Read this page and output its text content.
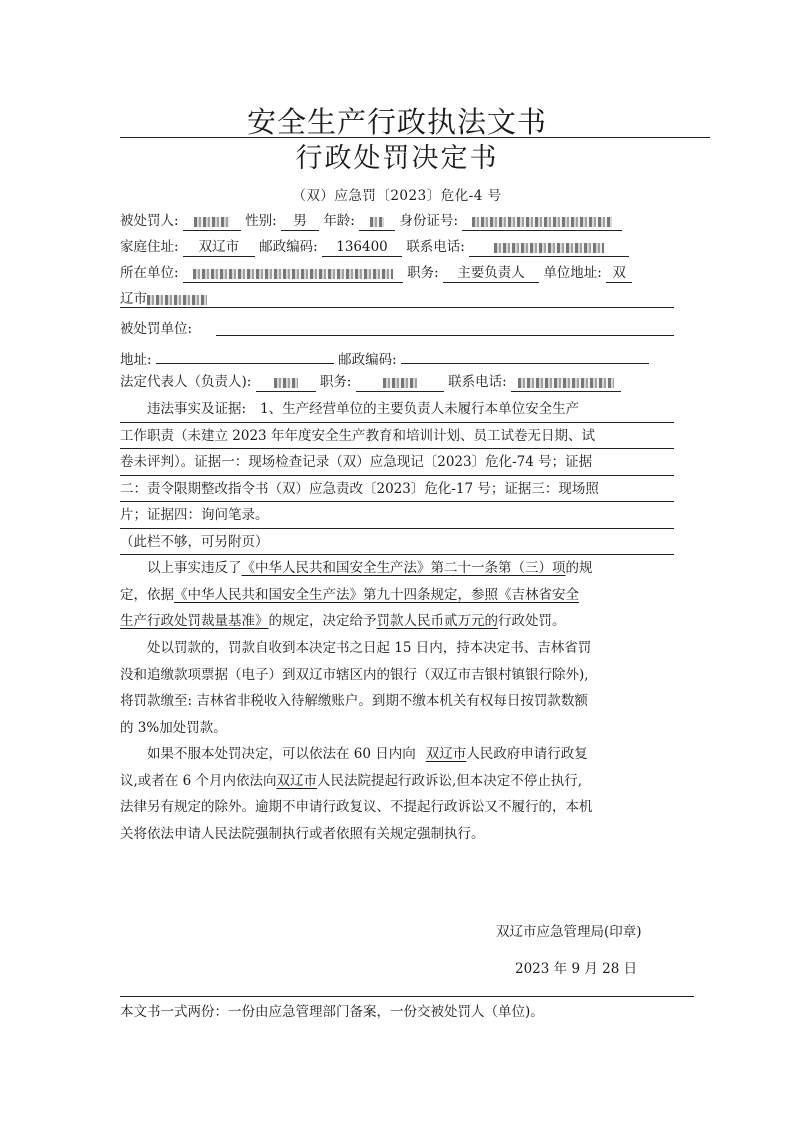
安全生产行政执法文书
行政处罚决定书
（双）应急罚〔2023〕危化-4 号
被处罚人:	性别: 男 年龄:	身份证号:
家庭住址: 双辽市 邮政编码: 136400 联系电话:
所在单位:	职务: 主要负责人 单位地址: 双
辽市
被处罚单位:
地址:	邮政编码:
法定代表人（负责人):	职务:	联系电话:
违法事实及证据: 1、生产经营单位的主要负责人未履行本单位安全生产
工作职责（未建立 2023 年年度安全生产教育和培训计划、员工试卷无日期、试
卷未评判）。证据一：现场检查记录（双）应急现记〔2023〕危化-74 号；证据
二：责令限期整改指令书（双）应急责改〔2023〕危化-17 号；证据三：现场照
片；证据四：询问笔录。
（此栏不够，可另附页）
以上事实违反了《中华人民共和国安全生产法》第二十一条第（三）项的规
定，依据《中华人民共和国安全生产法》第九十四条规定，参照《吉林省安全
生产行政处罚裁量基准》的规定，决定给予罚款人民币贰万元的行政处罚。
处以罚款的，罚款自收到本决定书之日起 15 日内，持本决定书、吉林省罚
没和追缴款项票据（电子）到双辽市辖区内的银行（双辽市吉银村镇银行除外),
将罚款缴至: 吉林省非税收入待解缴账户。到期不缴本机关有权每日按罚款数额
的 3%加处罚款。
如果不服本处罚决定，可以依法在 60 日内向 双辽市人民政府申请行政复
议,或者在 6 个月内依法向双辽市人民法院提起行政诉讼,但本决定不停止执行,
法律另有规定的除外。逾期不申请行政复议、不提起行政诉讼又不履行的，本机
关将依法申请人民法院强制执行或者依照有关规定强制执行。
双辽市应急管理局(印章)
2023 年 9 月 28 日
本文书一式两份：一份由应急管理部门备案，一份交被处罚人（单位)。
